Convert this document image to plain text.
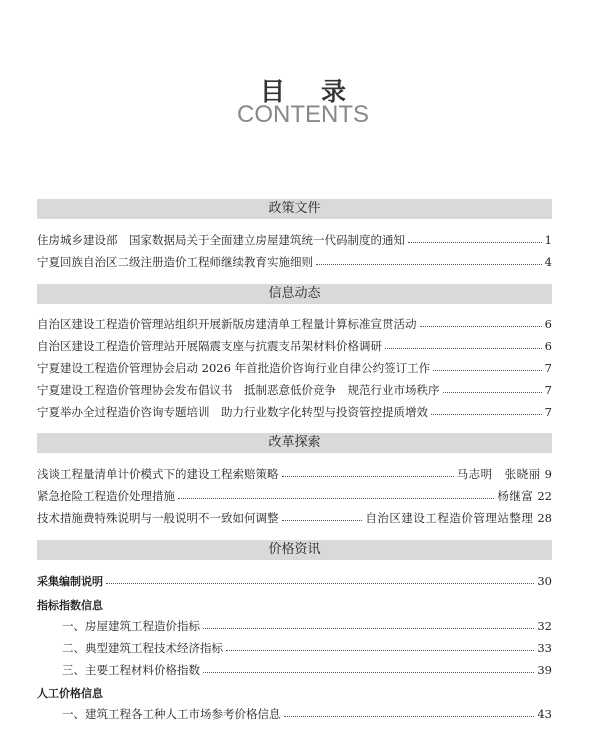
目录
CONTENTS
政策文件
住房城乡建设部　国家数据局关于全面建立房屋建筑统一代码制度的通知	1
宁夏回族自治区二级注册造价工程师继续教育实施细则	4
信息动态
自治区建设工程造价管理站组织开展新版房建清单工程量计算标准宣贯活动	6
自治区建设工程造价管理站开展隔震支座与抗震支吊架材料价格调研	6
宁夏建设工程造价管理协会启动 2026 年首批造价咨询行业自律公约签订工作	7
宁夏建设工程造价管理协会发布倡议书　抵制恶意低价竞争　规范行业市场秩序	7
宁夏举办全过程造价咨询专题培训　助力行业数字化转型与投资管控提质增效	7
改革探索
浅谈工程量清单计价模式下的建设工程索赔策略	马志明　张晓丽 9
紧急抢险工程造价处理措施	杨继富 22
技术措施费特殊说明与一般说明不一致如何调整	自治区建设工程造价管理站整理 28
价格资讯
采集编制说明	30
指标指数信息
一、房屋建筑工程造价指标	32
二、典型建筑工程技术经济指标	33
三、主要工程材料价格指数	39
人工价格信息
一、建筑工程各工种人工市场参考价格信息	43
